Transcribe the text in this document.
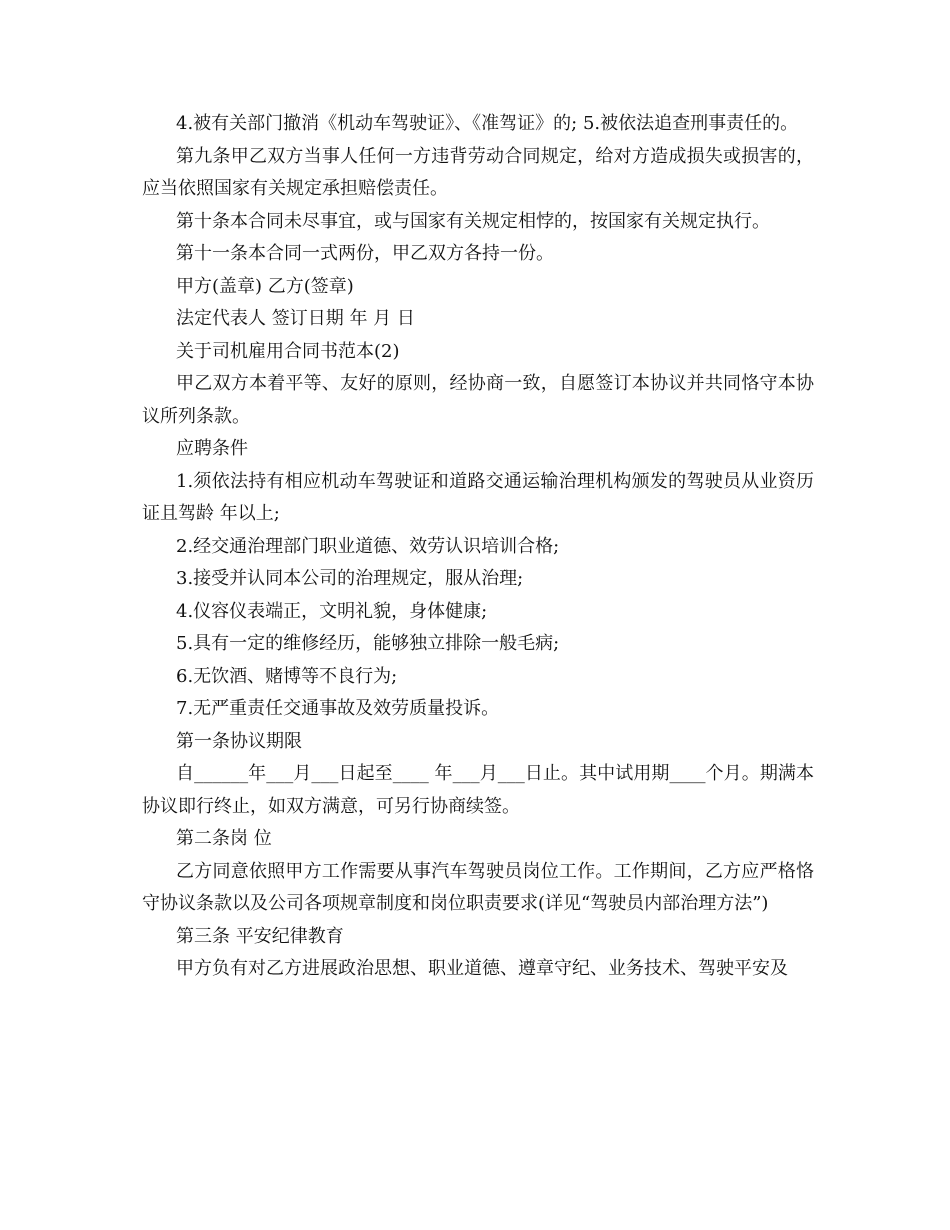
4.被有关部门撤消《机动车驾驶证》、《准驾证》的; 5.被依法追查刑事责任的。

第九条甲乙双方当事人任何一方违背劳动合同规定，给对方造成损失或损害的，应当依照国家有关规定承担赔偿责任。

第十条本合同未尽事宜，或与国家有关规定相悖的，按国家有关规定执行。

第十一条本合同一式两份，甲乙双方各持一份。

甲方(盖章) 乙方(签章)

法定代表人 签订日期 年 月 日

关于司机雇用合同书范本(2)

甲乙双方本着平等、友好的原则，经协商一致，自愿签订本协议并共同恪守本协议所列条款。

应聘条件

1.须依法持有相应机动车驾驶证和道路交通运输治理机构颁发的驾驶员从业资历证且驾龄 年以上;

2.经交通治理部门职业道德、效劳认识培训合格;

3.接受并认同本公司的治理规定，服从治理;

4.仪容仪表端正，文明礼貌，身体健康;

5.具有一定的维修经历，能够独立排除一般毛病;

6.无饮酒、赌博等不良行为;

7.无严重责任交通事故及效劳质量投诉。

第一条协议期限

自______年___月___日起至____ 年___月___日止。其中试用期____个月。期满本协议即行终止，如双方满意，可另行协商续签。

第二条岗 位

乙方同意依照甲方工作需要从事汽车驾驶员岗位工作。工作期间，乙方应严格恪守协议条款以及公司各项规章制度和岗位职责要求(详见“驾驶员内部治理方法”)

第三条 平安纪律教育

甲方负有对乙方进展政治思想、职业道德、遵章守纪、业务技术、驾驶平安及
